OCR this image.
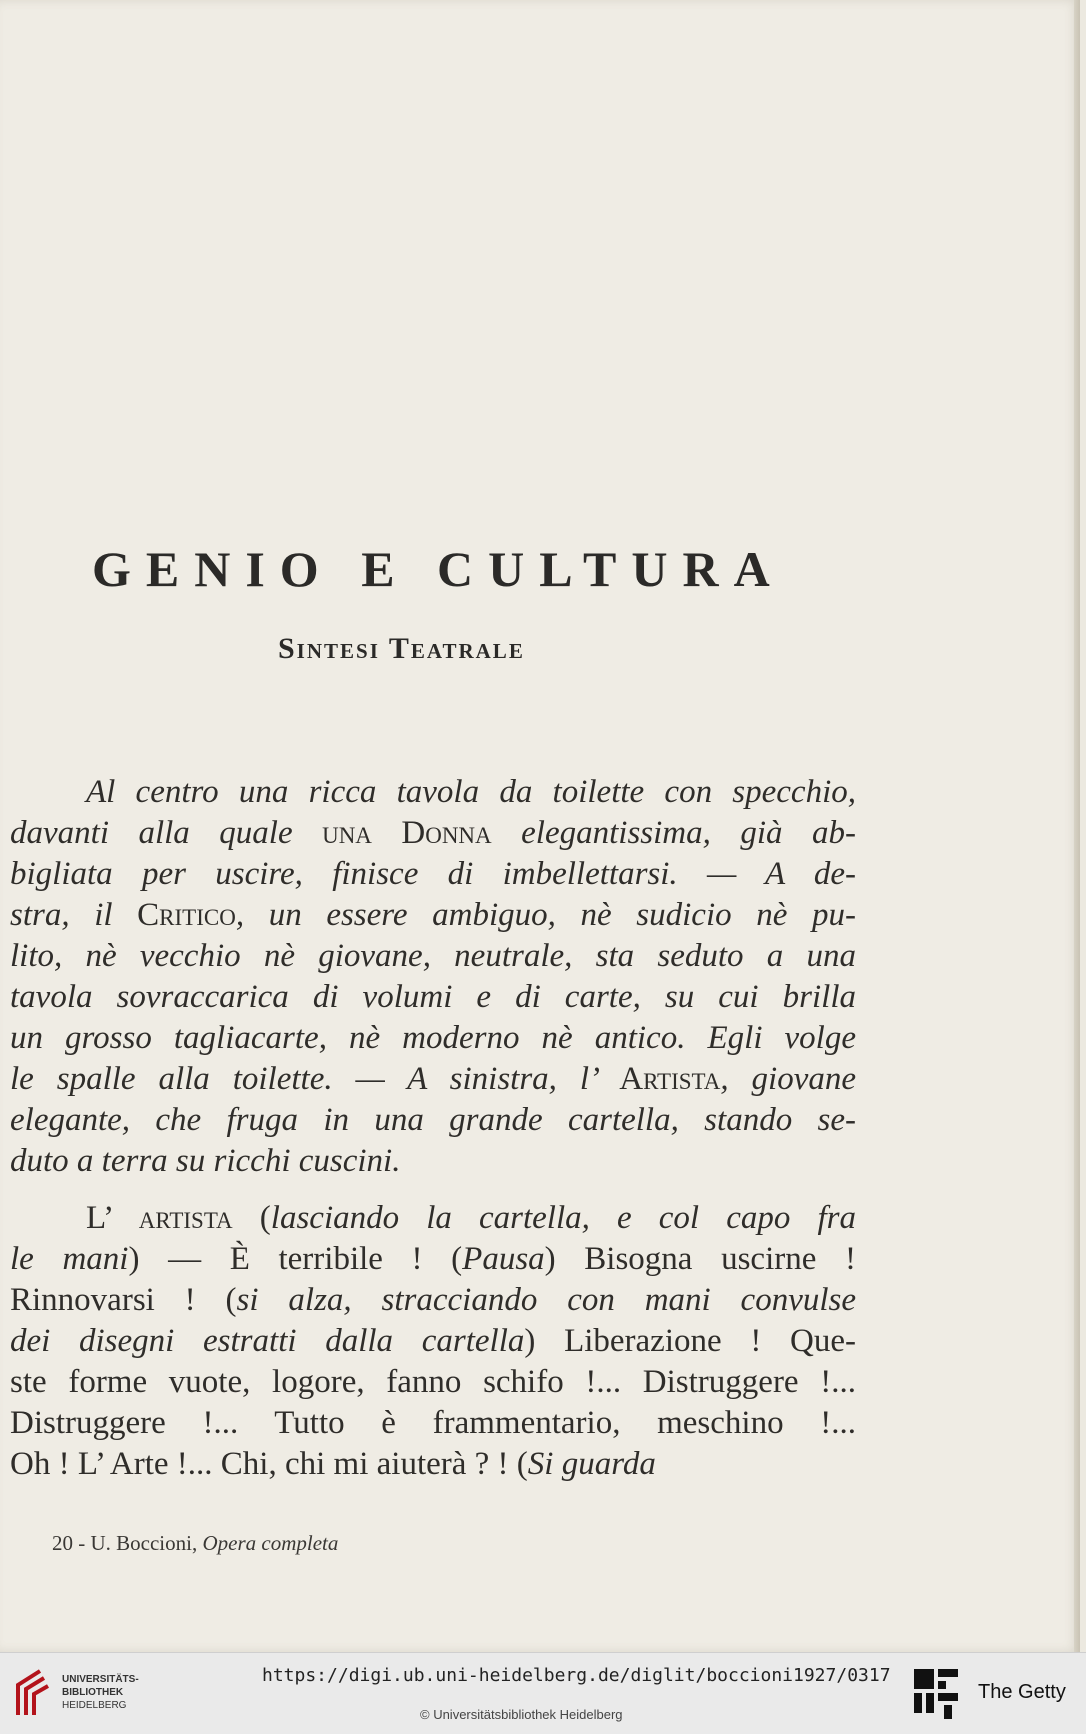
GENIO E CULTURA
Sintesi Teatrale
Al centro una ricca tavola da toilette con specchio,
davanti alla quale una Donna elegantissima, già ab-
bigliata per uscire, finisce di imbellettarsi. — A de-
stra, il Critico, un essere ambiguo, nè sudicio nè pu-
lito, nè vecchio nè giovane, neutrale, sta seduto a una
tavola sovraccarica di volumi e di carte, su cui brilla
un grosso tagliacarte, nè moderno nè antico. Egli volge
le spalle alla toilette. — A sinistra, l’ Artista, giovane
elegante, che fruga in una grande cartella, stando se-
duto a terra su ricchi cuscini.
L’ artista (lasciando la cartella, e col capo fra
le mani) — È terribile ! (Pausa) Bisogna uscirne !
Rinnovarsi ! (si alza, stracciando con mani convulse
dei disegni estratti dalla cartella) Liberazione ! Que-
ste forme vuote, logore, fanno schifo !... Distruggere !...
Distruggere !... Tutto è frammentario, meschino !...
Oh ! L’ Arte !... Chi, chi mi aiuterà ? ! (Si guarda

20 - U. Boccioni, Opera completa

UNIVERSITÄTS-
BIBLIOTHEK
HEIDELBERG
https://digi.ub.uni-heidelberg.de/diglit/boccioni1927/0317
© Universitätsbibliothek Heidelberg
The Getty
